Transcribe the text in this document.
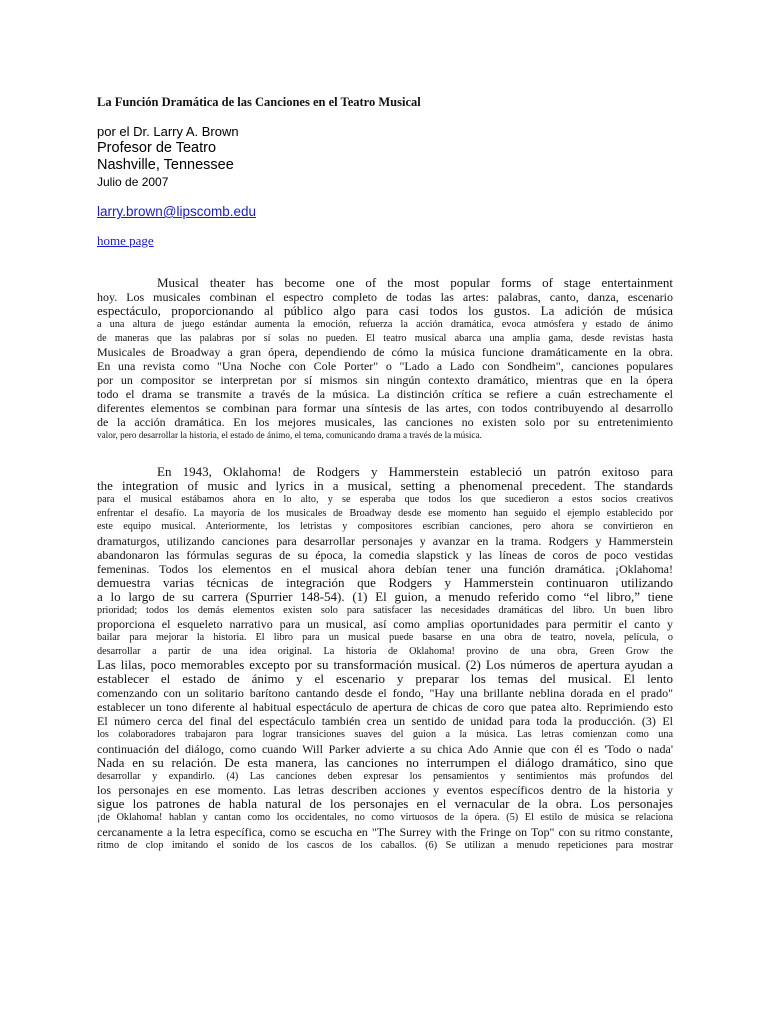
La Función Dramática de las Canciones en el Teatro Musical
por el Dr. Larry A. Brown
Profesor de Teatro
Nashville, Tennessee
Julio de 2007
larry.brown@lipscomb.edu
home page
Musical theater has become one of the most popular forms of stage entertainment
hoy. Los musicales combinan el espectro completo de todas las artes: palabras, canto, danza, escenario
espectáculo, proporcionando al público algo para casi todos los gustos. La adición de música
a una altura de juego estándar aumenta la emoción, refuerza la acción dramática, evoca atmósfera y estado de ánimo
de maneras que las palabras por sí solas no pueden. El teatro musical abarca una amplia gama, desde revistas hasta
Musicales de Broadway a gran ópera, dependiendo de cómo la música funcione dramáticamente en la obra.
En una revista como "Una Noche con Cole Porter" o "Lado a Lado con Sondheim", canciones populares
por un compositor se interpretan por sí mismos sin ningún contexto dramático, mientras que en la ópera
todo el drama se transmite a través de la música. La distinción crítica se refiere a cuán estrechamente el
diferentes elementos se combinan para formar una síntesis de las artes, con todos contribuyendo al desarrollo
de la acción dramática. En los mejores musicales, las canciones no existen solo por su entretenimiento
valor, pero desarrollar la historia, el estado de ánimo, el tema, comunicando drama a través de la música.
En 1943, Oklahoma! de Rodgers y Hammerstein estableció un patrón exitoso para
the integration of music and lyrics in a musical, setting a phenomenal precedent. The standards
para el musical estábamos ahora en lo alto, y se esperaba que todos los que sucedieron a estos socios creativos
enfrentar el desafío. La mayoría de los musicales de Broadway desde ese momento han seguido el ejemplo establecido por
este equipo musical. Anteriormente, los letristas y compositores escribían canciones, pero ahora se convirtieron en
dramaturgos, utilizando canciones para desarrollar personajes y avanzar en la trama. Rodgers y Hammerstein
abandonaron las fórmulas seguras de su época, la comedia slapstick y las líneas de coros de poco vestidas
femeninas. Todos los elementos en el musical ahora debían tener una función dramática. ¡Oklahoma!
demuestra varias técnicas de integración que Rodgers y Hammerstein continuaron utilizando
a lo largo de su carrera (Spurrier 148-54). (1) El guion, a menudo referido como “el libro,” tiene
prioridad; todos los demás elementos existen solo para satisfacer las necesidades dramáticas del libro. Un buen libro
proporciona el esqueleto narrativo para un musical, así como amplias oportunidades para permitir el canto y
bailar para mejorar la historia. El libro para un musical puede basarse en una obra de teatro, novela, película, o
desarrollar a partir de una idea original. La historia de Oklahoma! provino de una obra, Green Grow the
Las lilas, poco memorables excepto por su transformación musical. (2) Los números de apertura ayudan a
establecer el estado de ánimo y el escenario y preparar los temas del musical. El lento
comenzando con un solitario barítono cantando desde el fondo, "Hay una brillante neblina dorada en el prado"
establecer un tono diferente al habitual espectáculo de apertura de chicas de coro que patea alto. Reprimiendo esto
El número cerca del final del espectáculo también crea un sentido de unidad para toda la producción. (3) El
los colaboradores trabajaron para lograr transiciones suaves del guion a la música. Las letras comienzan como una
continuación del diálogo, como cuando Will Parker advierte a su chica Ado Annie que con él es 'Todo o nada'
Nada en su relación. De esta manera, las canciones no interrumpen el diálogo dramático, sino que
desarrollar y expandirlo. (4) Las canciones deben expresar los pensamientos y sentimientos más profundos del
los personajes en ese momento. Las letras describen acciones y eventos específicos dentro de la historia y
sigue los patrones de habla natural de los personajes en el vernacular de la obra. Los personajes
¡de Oklahoma! hablan y cantan como los occidentales, no como virtuosos de la ópera. (5) El estilo de música se relaciona
cercanamente a la letra específica, como se escucha en "The Surrey with the Fringe on Top" con su ritmo constante,
ritmo de clop imitando el sonido de los cascos de los caballos. (6) Se utilizan a menudo repeticiones para mostrar
